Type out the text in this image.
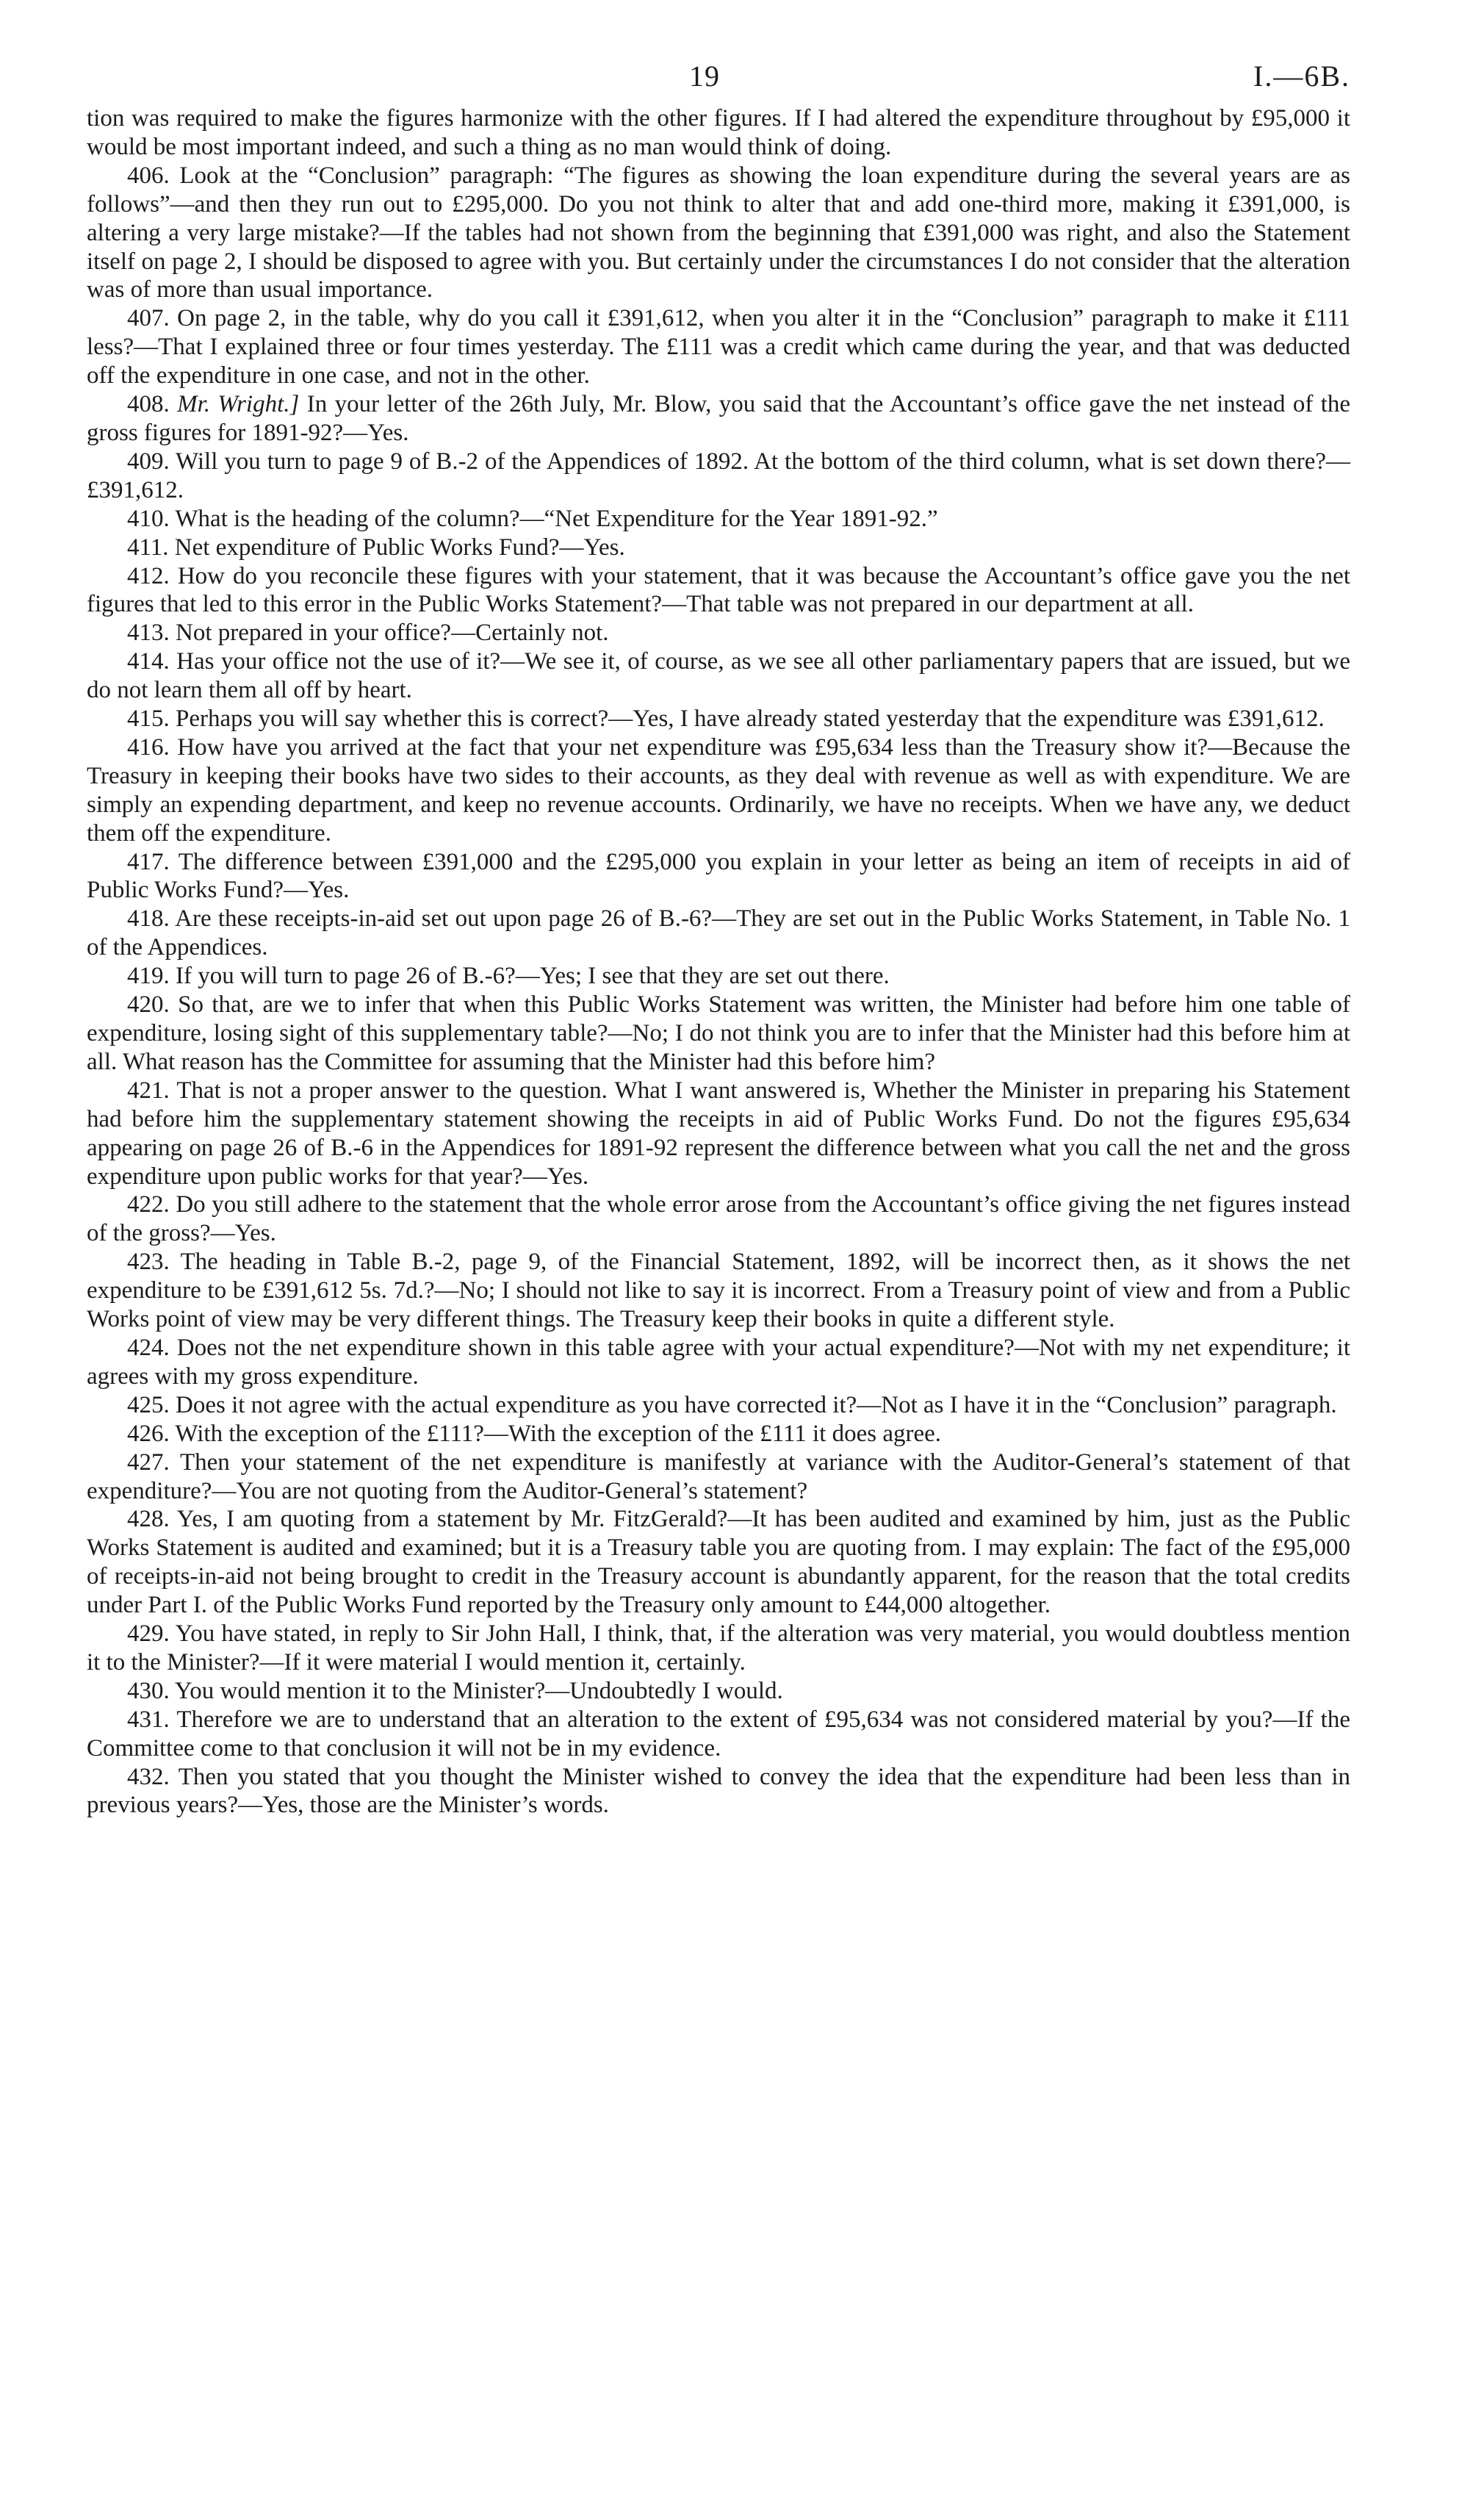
19	I.—6B.

tion was required to make the figures harmonize with the other figures. If I had altered the expenditure throughout by £95,000 it would be most important indeed, and such a thing as no man would think of doing.

406. Look at the “Conclusion” paragraph: “The figures as showing the loan expenditure during the several years are as follows”—and then they run out to £295,000. Do you not think to alter that and add one-third more, making it £391,000, is altering a very large mistake?—If the tables had not shown from the beginning that £391,000 was right, and also the Statement itself on page 2, I should be disposed to agree with you. But certainly under the circumstances I do not consider that the alteration was of more than usual importance.

407. On page 2, in the table, why do you call it £391,612, when you alter it in the “Conclusion” paragraph to make it £111 less?—That I explained three or four times yesterday. The £111 was a credit which came during the year, and that was deducted off the expenditure in one case, and not in the other.

408. Mr. Wright.] In your letter of the 26th July, Mr. Blow, you said that the Accountant’s office gave the net instead of the gross figures for 1891-92?—Yes.

409. Will you turn to page 9 of B.-2 of the Appendices of 1892. At the bottom of the third column, what is set down there?—£391,612.

410. What is the heading of the column?—“Net Expenditure for the Year 1891-92.”

411. Net expenditure of Public Works Fund?—Yes.

412. How do you reconcile these figures with your statement, that it was because the Accountant’s office gave you the net figures that led to this error in the Public Works Statement?—That table was not prepared in our department at all.

413. Not prepared in your office?—Certainly not.

414. Has your office not the use of it?—We see it, of course, as we see all other parliamentary papers that are issued, but we do not learn them all off by heart.

415. Perhaps you will say whether this is correct?—Yes, I have already stated yesterday that the expenditure was £391,612.

416. How have you arrived at the fact that your net expenditure was £95,634 less than the Treasury show it?—Because the Treasury in keeping their books have two sides to their accounts, as they deal with revenue as well as with expenditure. We are simply an expending department, and keep no revenue accounts. Ordinarily, we have no receipts. When we have any, we deduct them off the expenditure.

417. The difference between £391,000 and the £295,000 you explain in your letter as being an item of receipts in aid of Public Works Fund?—Yes.

418. Are these receipts-in-aid set out upon page 26 of B.-6?—They are set out in the Public Works Statement, in Table No. 1 of the Appendices.

419. If you will turn to page 26 of B.-6?—Yes; I see that they are set out there.

420. So that, are we to infer that when this Public Works Statement was written, the Minister had before him one table of expenditure, losing sight of this supplementary table?—No; I do not think you are to infer that the Minister had this before him at all. What reason has the Committee for assuming that the Minister had this before him?

421. That is not a proper answer to the question. What I want answered is, Whether the Minister in preparing his Statement had before him the supplementary statement showing the receipts in aid of Public Works Fund. Do not the figures £95,634 appearing on page 26 of B.-6 in the Appendices for 1891-92 represent the difference between what you call the net and the gross expenditure upon public works for that year?—Yes.

422. Do you still adhere to the statement that the whole error arose from the Accountant’s office giving the net figures instead of the gross?—Yes.

423. The heading in Table B.-2, page 9, of the Financial Statement, 1892, will be incorrect then, as it shows the net expenditure to be £391,612 5s. 7d.?—No; I should not like to say it is incorrect. From a Treasury point of view and from a Public Works point of view may be very different things. The Treasury keep their books in quite a different style.

424. Does not the net expenditure shown in this table agree with your actual expenditure?—Not with my net expenditure; it agrees with my gross expenditure.

425. Does it not agree with the actual expenditure as you have corrected it?—Not as I have it in the “Conclusion” paragraph.

426. With the exception of the £111?—With the exception of the £111 it does agree.

427. Then your statement of the net expenditure is manifestly at variance with the Auditor-General’s statement of that expenditure?—You are not quoting from the Auditor-General’s statement?

428. Yes, I am quoting from a statement by Mr. FitzGerald?—It has been audited and examined by him, just as the Public Works Statement is audited and examined; but it is a Treasury table you are quoting from. I may explain: The fact of the £95,000 of receipts-in-aid not being brought to credit in the Treasury account is abundantly apparent, for the reason that the total credits under Part I. of the Public Works Fund reported by the Treasury only amount to £44,000 altogether.

429. You have stated, in reply to Sir John Hall, I think, that, if the alteration was very material, you would doubtless mention it to the Minister?—If it were material I would mention it, certainly.

430. You would mention it to the Minister?—Undoubtedly I would.

431. Therefore we are to understand that an alteration to the extent of £95,634 was not considered material by you?—If the Committee come to that conclusion it will not be in my evidence.

432. Then you stated that you thought the Minister wished to convey the idea that the expenditure had been less than in previous years?—Yes, those are the Minister’s words.
